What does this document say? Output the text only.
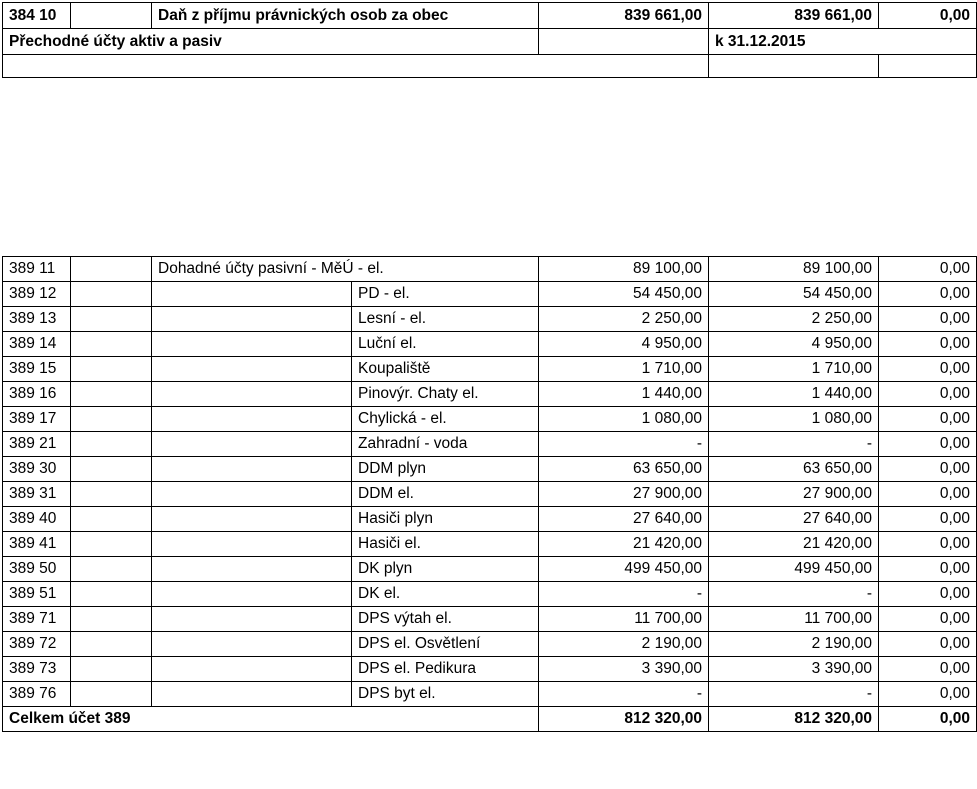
384 10		Daň z příjmu právnických osob za obec		839 661,00	839 661,00	0,00
Přechodné účty aktiv a pasiv					k 31.12.2015	

389 11		Dohadné účty pasivní - MěÚ - el.		89 100,00	89 100,00	0,00
389 12			PD - el.	54 450,00	54 450,00	0,00
389 13			Lesní - el.	2 250,00	2 250,00	0,00
389 14			Luční el.	4 950,00	4 950,00	0,00
389 15			Koupaliště	1 710,00	1 710,00	0,00
389 16			Pinovýr. Chaty el.	1 440,00	1 440,00	0,00
389 17			Chylická - el.	1 080,00	1 080,00	0,00
389 21			Zahradní - voda	-	-	0,00
389 30			DDM plyn	63 650,00	63 650,00	0,00
389 31			DDM el.	27 900,00	27 900,00	0,00
389 40			Hasiči plyn	27 640,00	27 640,00	0,00
389 41			Hasiči el.	21 420,00	21 420,00	0,00
389 50			DK plyn	499 450,00	499 450,00	0,00
389 51			DK el.	-	-	0,00
389 71			DPS výtah el.	11 700,00	11 700,00	0,00
389 72			DPS el. Osvětlení	2 190,00	2 190,00	0,00
389 73			DPS el. Pedikura	3 390,00	3 390,00	0,00
389 76			DPS byt el.	-	-	0,00
Celkem účet 389				812 320,00	812 320,00	0,00
